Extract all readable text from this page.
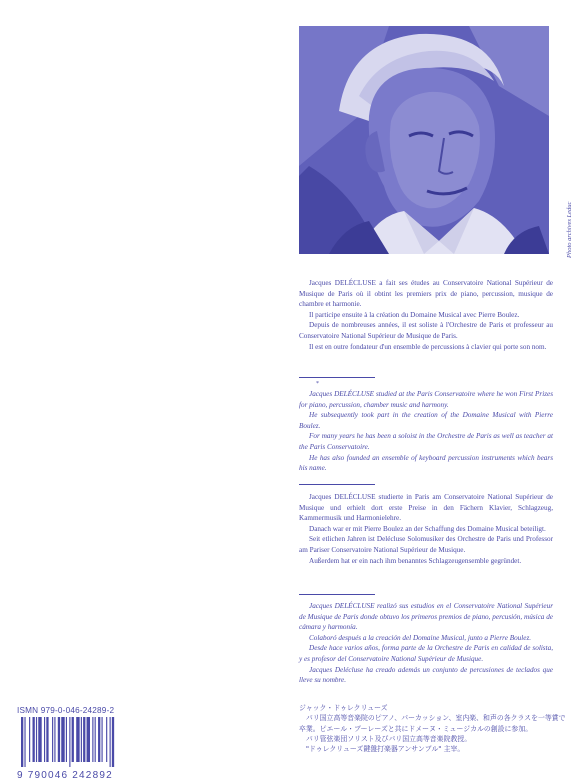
Photo archives Leduc

Jacques DELÉCLUSE a fait ses études au Conservatoire National Supérieur de Musique de Paris où il obtint les premiers prix de piano, percussion, musique de chambre et harmonie.

Il participe ensuite à la création du Domaine Musical avec Pierre Boulez.

Depuis de nombreuses années, il est soliste à l'Orchestre de Paris et professeur au Conservatoire National Supérieur de Musique de Paris.

Il est en outre fondateur d'un ensemble de percussions à clavier qui porte son nom.

*

Jacques DELÉCLUSE studied at the Paris Conservatoire where he won First Prizes for piano, percussion, chamber music and harmony.

He subsequently took part in the creation of the Domaine Musical with Pierre Boulez.

For many years he has been a soloist in the Orchestre de Paris as well as teacher at the Paris Conservatoire.

He has also founded an ensemble of keyboard percussion instruments which bears his name.

Jacques DELÉCLUSE studierte in Paris am Conservatoire National Supérieur de Musique und erhielt dort erste Preise in den Fächern Klavier, Schlagzeug, Kammermusik und Harmonielehre.

Danach war er mit Pierre Boulez an der Schaffung des Domaine Musical beteiligt.

Seit etlichen Jahren ist Delécluse Solomusiker des Orchestre de Paris und Professor am Pariser Conservatoire National Supérieur de Musique.

Außerdem hat er ein nach ihm benanntes Schlagzeugensemble gegründet.

Jacques DELÉCLUSE realizó sus estudios en el Conservatoire National Supérieur de Musique de Paris donde obtuvo los primeros premios de piano, percusión, música de cámara y harmonía.

Colaboró después a la creación del Domaine Musical, junto a Pierre Boulez.

Desde hace varios años, forma parte de la Orchestre de Paris en calidad de solista, y es profesor del Conservatoire National Supérieur de Musique.

Jacques Delécluse ha creado además un conjunto de percusiones de teclados que lleve su nombre.

ジャック・ドゥレクリューズ

　パリ国立高等音楽院のピアノ、パーカッション、室内楽、和声の各クラスを一等賞で卒業。ピエール・ブーレーズと共にドメーヌ・ミュージカルの創設に参加。

　パリ管弦楽団ソリスト及びパリ国立高等音楽院教授。

　"ドゥレクリューズ鍵盤打楽器アンサンブル" 主宰。

ISMN 979-0-046-24289-2
9 790046 242892
